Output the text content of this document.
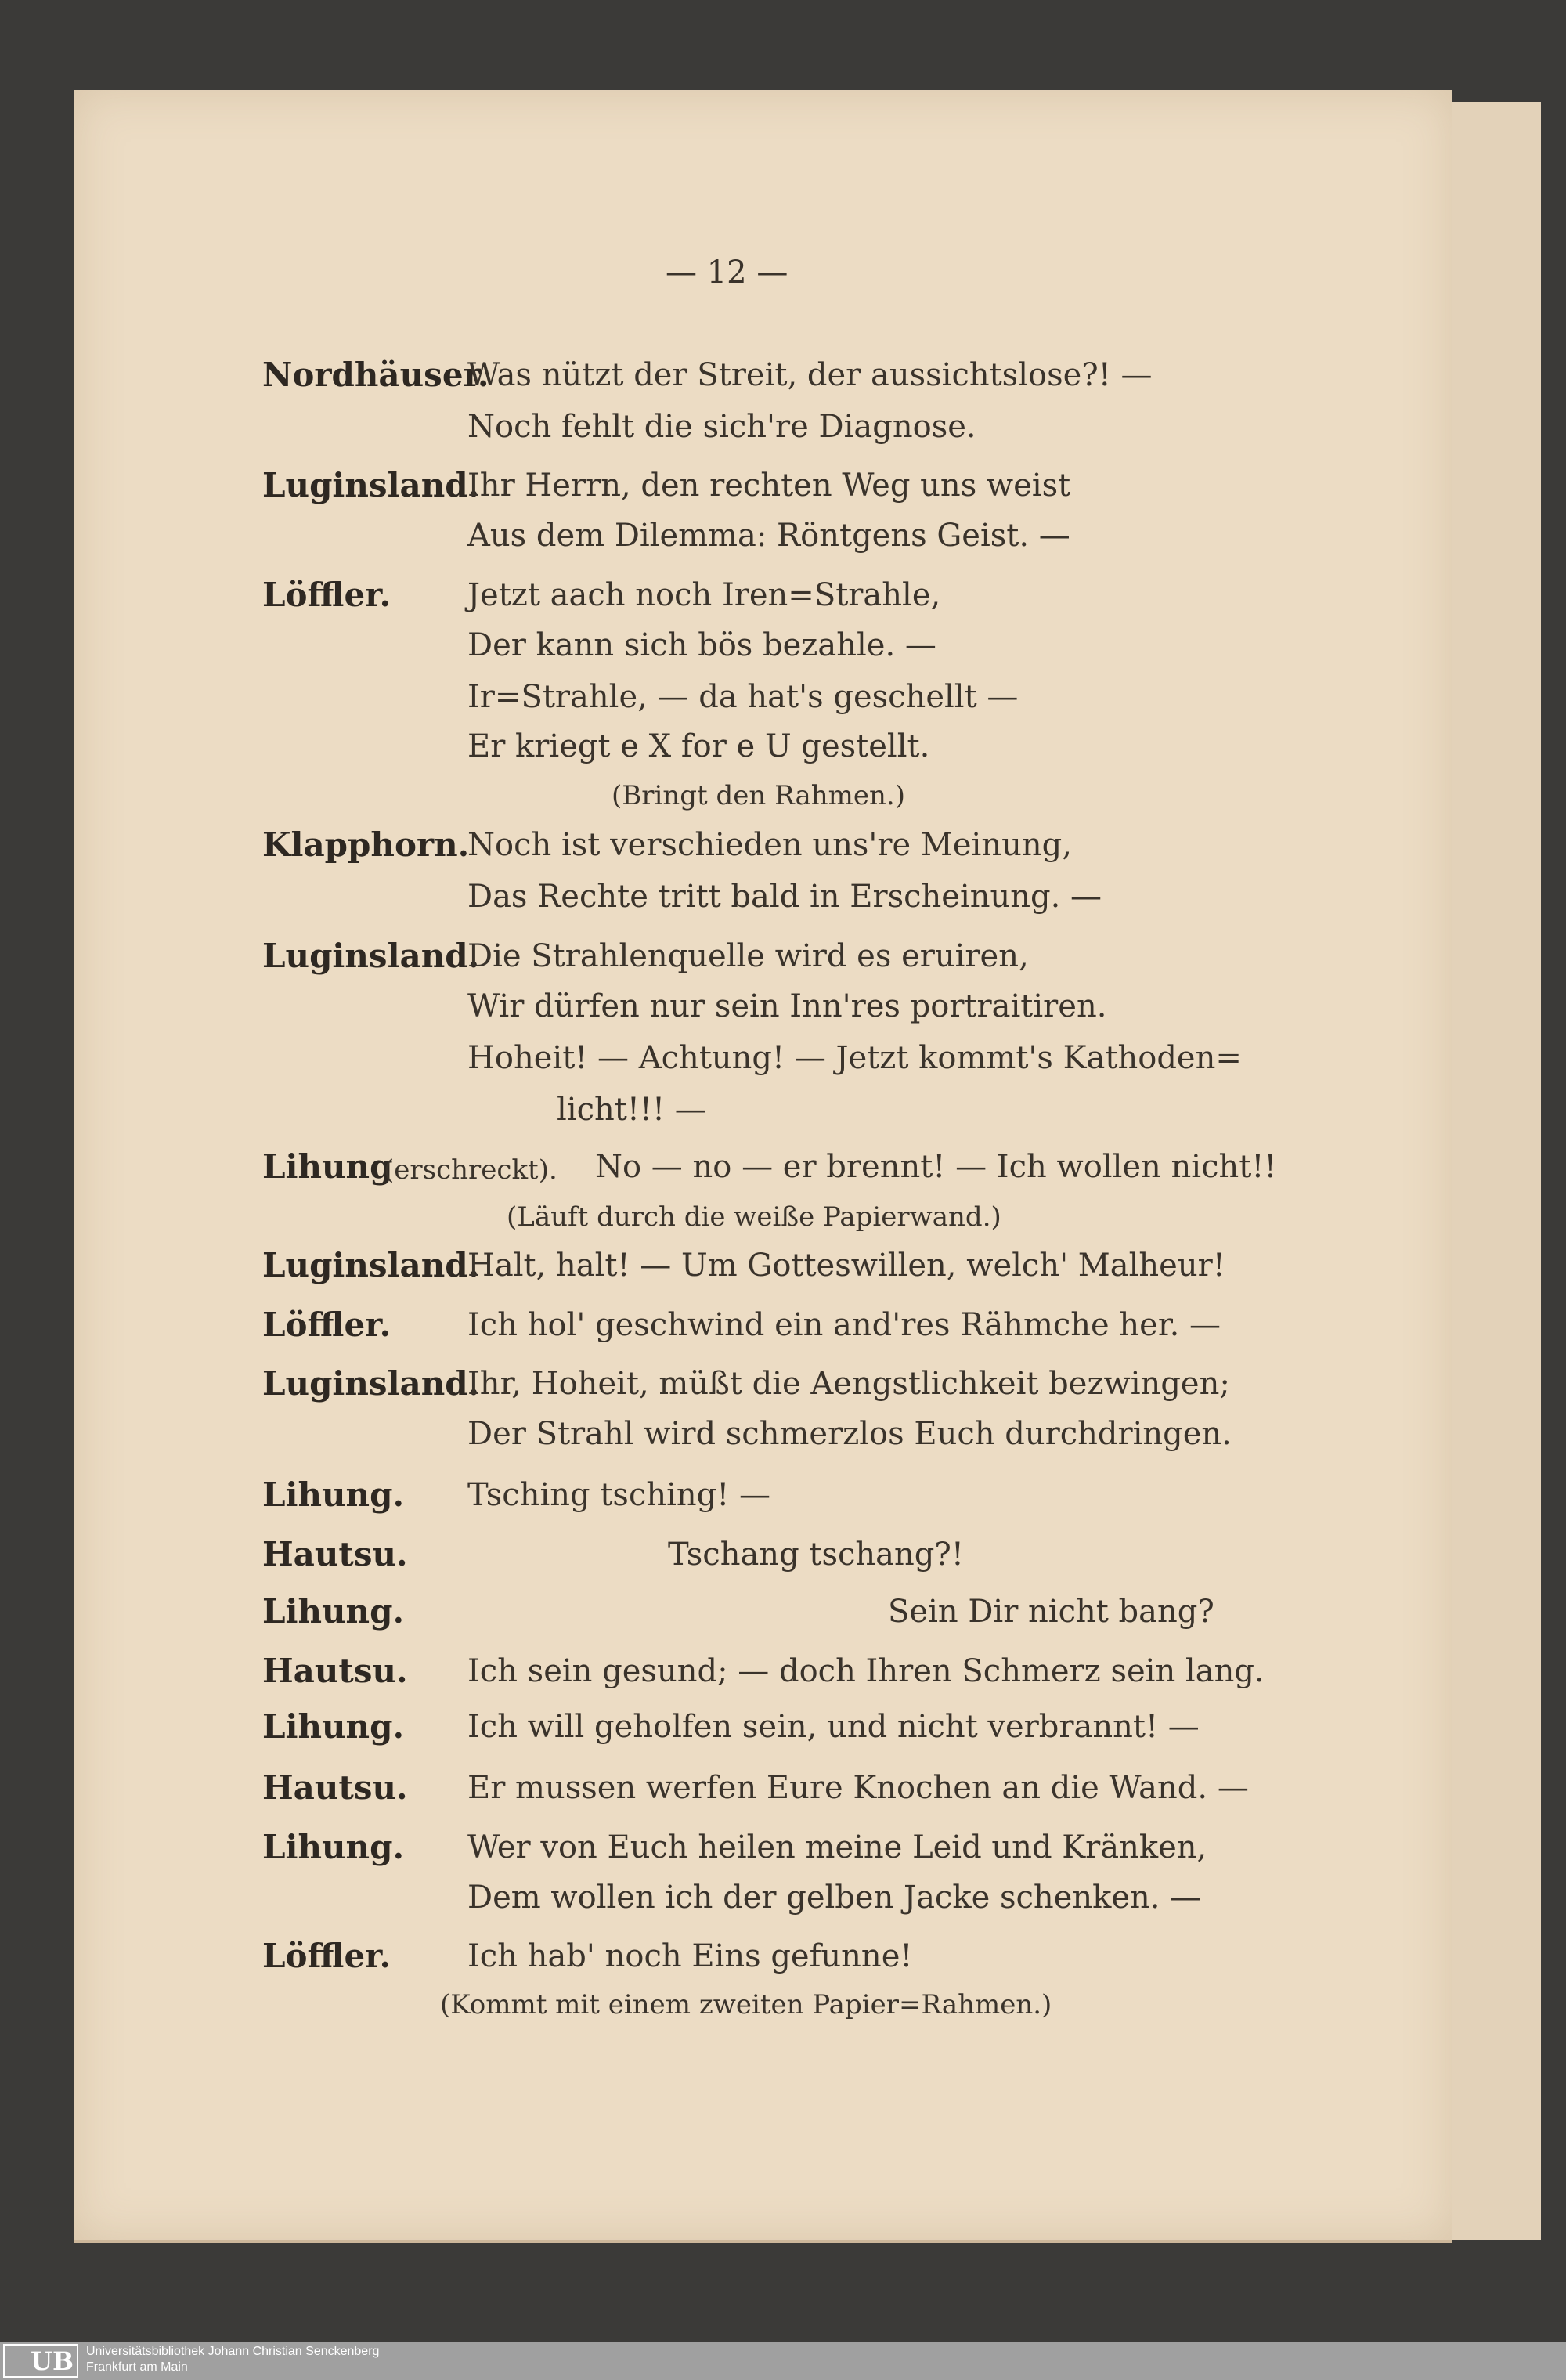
— 12 —
Nordhäuser.
Was nützt der Streit, der aussichtslose?! —
Noch fehlt die sich're Diagnose.
Luginsland.
Ihr Herrn, den rechten Weg uns weist
Aus dem Dilemma: Röntgens Geist. —
Löffler. Jetzt aach noch Iren=Strahle,
Der kann sich bös bezahle. —
Ir=Strahle, — da hat's geschellt —
Er kriegt e X for e U gestellt.
(Bringt den Rahmen.)
Klapphorn.
Noch ist verschieden uns're Meinung,
Das Rechte tritt bald in Erscheinung. —
Luginsland.
Die Strahlenquelle wird es eruiren,
Wir dürfen nur sein Inn'res portraitiren.
Hoheit! — Achtung! — Jetzt kommt's Kathoden=
licht!!! —
Lihung
(erschreckt). No — no — er brennt! — Ich wollen nicht!!
(Läuft durch die weiße Papierwand.)
Luginsland.
Halt, halt! — Um Gotteswillen, welch' Malheur!
Löffler. Ich hol' geschwind ein and'res Rähmche her. —
Luginsland.
Ihr, Hoheit, müßt die Aengstlichkeit bezwingen;
Der Strahl wird schmerzlos Euch durchdringen.
Lihung. Tsching tsching! —
Hautsu.	Tschang tschang?!
Lihung.	Sein Dir nicht bang?
Hautsu. Ich sein gesund; — doch Ihren Schmerz sein lang.
Lihung. Ich will geholfen sein, und nicht verbrannt! —
Hautsu. Er mussen werfen Eure Knochen an die Wand. —
Lihung. Wer von Euch heilen meine Leid und Kränken,
Dem wollen ich der gelben Jacke schenken. —
Löffler. Ich hab' noch Eins gefunne!
(Kommt mit einem zweiten Papier=Rahmen.)
UB	Universitätsbibliothek Johann Christian Senckenberg
Frankfurt am Main
